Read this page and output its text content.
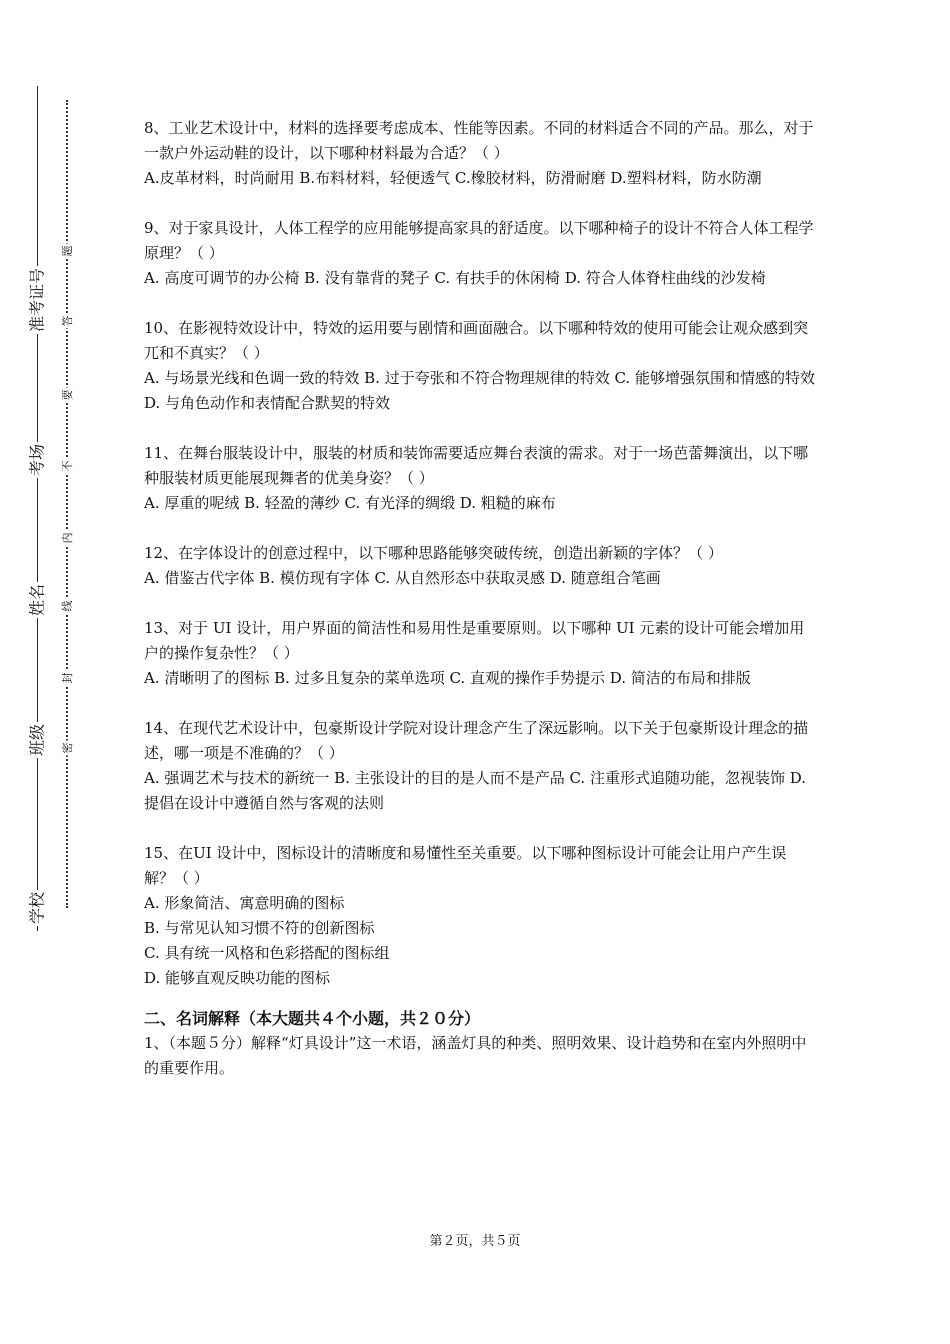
准考证号
考场
姓名
班级
学校
题
答
要
不
内
线
封
密

8、工业艺术设计中，材料的选择要考虑成本、性能等因素。不同的材料适合不同的产品。那么，对于一款户外运动鞋的设计，以下哪种材料最为合适？（ ）

A.皮革材料，时尚耐用 B.布料材料，轻便透气 C.橡胶材料，防滑耐磨 D.塑料材料，防水防潮

9、对于家具设计，人体工程学的应用能够提高家具的舒适度。以下哪种椅子的设计不符合人体工程学原理？（ ）

A. 高度可调节的办公椅 B. 没有靠背的凳子 C. 有扶手的休闲椅 D. 符合人体脊柱曲线的沙发椅

10、在影视特效设计中，特效的运用要与剧情和画面融合。以下哪种特效的使用可能会让观众感到突兀和不真实？（ ）

A. 与场景光线和色调一致的特效 B. 过于夸张和不符合物理规律的特效 C. 能够增强氛围和情感的特效 D. 与角色动作和表情配合默契的特效

11、在舞台服装设计中，服装的材质和装饰需要适应舞台表演的需求。对于一场芭蕾舞演出，以下哪种服装材质更能展现舞者的优美身姿？（ ）

A. 厚重的呢绒 B. 轻盈的薄纱 C. 有光泽的绸缎 D. 粗糙的麻布

12、在字体设计的创意过程中，以下哪种思路能够突破传统，创造出新颖的字体？（ ）

A. 借鉴古代字体 B. 模仿现有字体 C. 从自然形态中获取灵感 D. 随意组合笔画

13、对于 UI 设计，用户界面的简洁性和易用性是重要原则。以下哪种 UI 元素的设计可能会增加用户的操作复杂性？（ ）

A. 清晰明了的图标 B. 过多且复杂的菜单选项 C. 直观的操作手势提示 D. 简洁的布局和排版

14、在现代艺术设计中，包豪斯设计学院对设计理念产生了深远影响。以下关于包豪斯设计理念的描述，哪一项是不准确的？（ ）

A. 强调艺术与技术的新统一 B. 主张设计的目的是人而不是产品 C. 注重形式追随功能，忽视装饰 D. 提倡在设计中遵循自然与客观的法则

15、在UI 设计中，图标设计的清晰度和易懂性至关重要。以下哪种图标设计可能会让用户产生误解？（ ）

A. 形象简洁、寓意明确的图标

B. 与常见认知习惯不符的创新图标

C. 具有统一风格和色彩搭配的图标组

D. 能够直观反映功能的图标

二、名词解释（本大题共４个小题，共２０分）

1、（本题５分）解释“灯具设计”这一术语，涵盖灯具的种类、照明效果、设计趋势和在室内外照明中的重要作用。

第２页，共５页
